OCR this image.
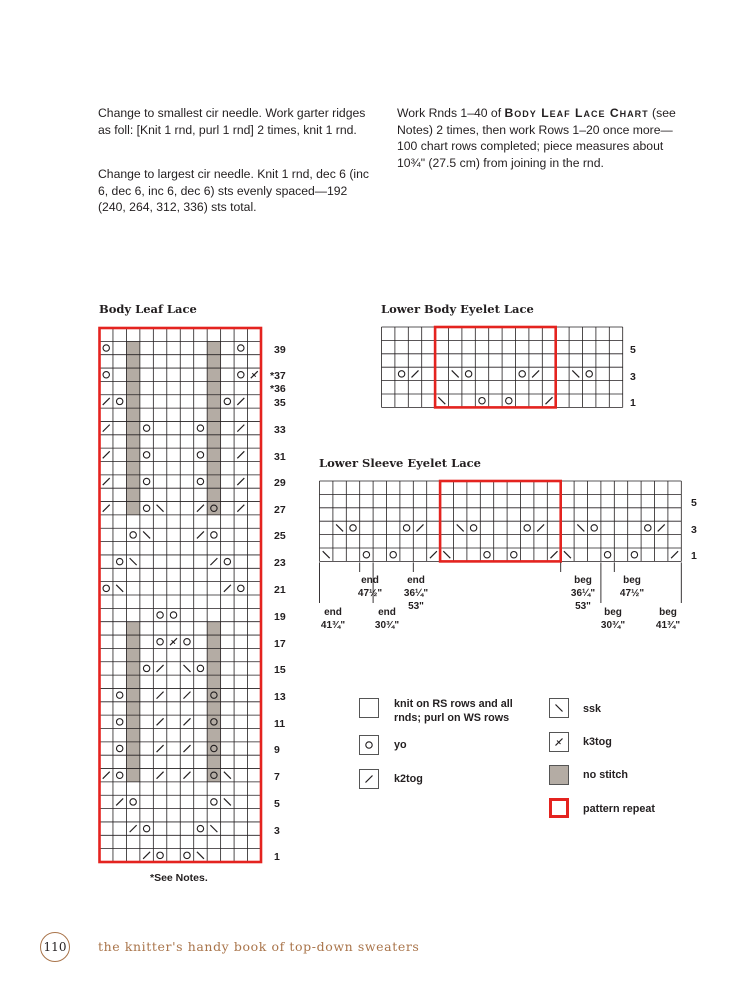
Change to smallest cir needle. Work garter ridges as foll: [Knit 1 rnd, purl 1 rnd] 2 times, knit 1 rnd.

Change to largest cir needle. Knit 1 rnd, dec 6 (inc 6, dec 6, inc 6, dec 6) sts evenly spaced—192 (240, 264, 312, 336) sts total.

Work Rnds 1–40 of Body Leaf Lace Chart (see Notes) 2 times, then work Rows 1–20 once more—100 chart rows completed; piece measures about 10¾" (27.5 cm) from joining in the rnd.

Body Leaf Lace	Lower Body Eyelet Lace
Lower Sleeve Eyelet Lace
39
*37
*36
35
33
31
29
27
25
23
21
19
17
15
13
11
9
7
5
3
1
*See Notes.
5
3
1
5
3
1
end
41¾"
end
47½"
end
30¾"
end
36¼"
53"
beg
36¼"
53"
beg
30¾"
beg
47½"
beg
41¾"
knit on RS rows and all rnds; purl on WS rows
yo
k2tog
ssk
k3tog
no stitch
pattern repeat
110	the knitter's handy book of top-down sweaters
